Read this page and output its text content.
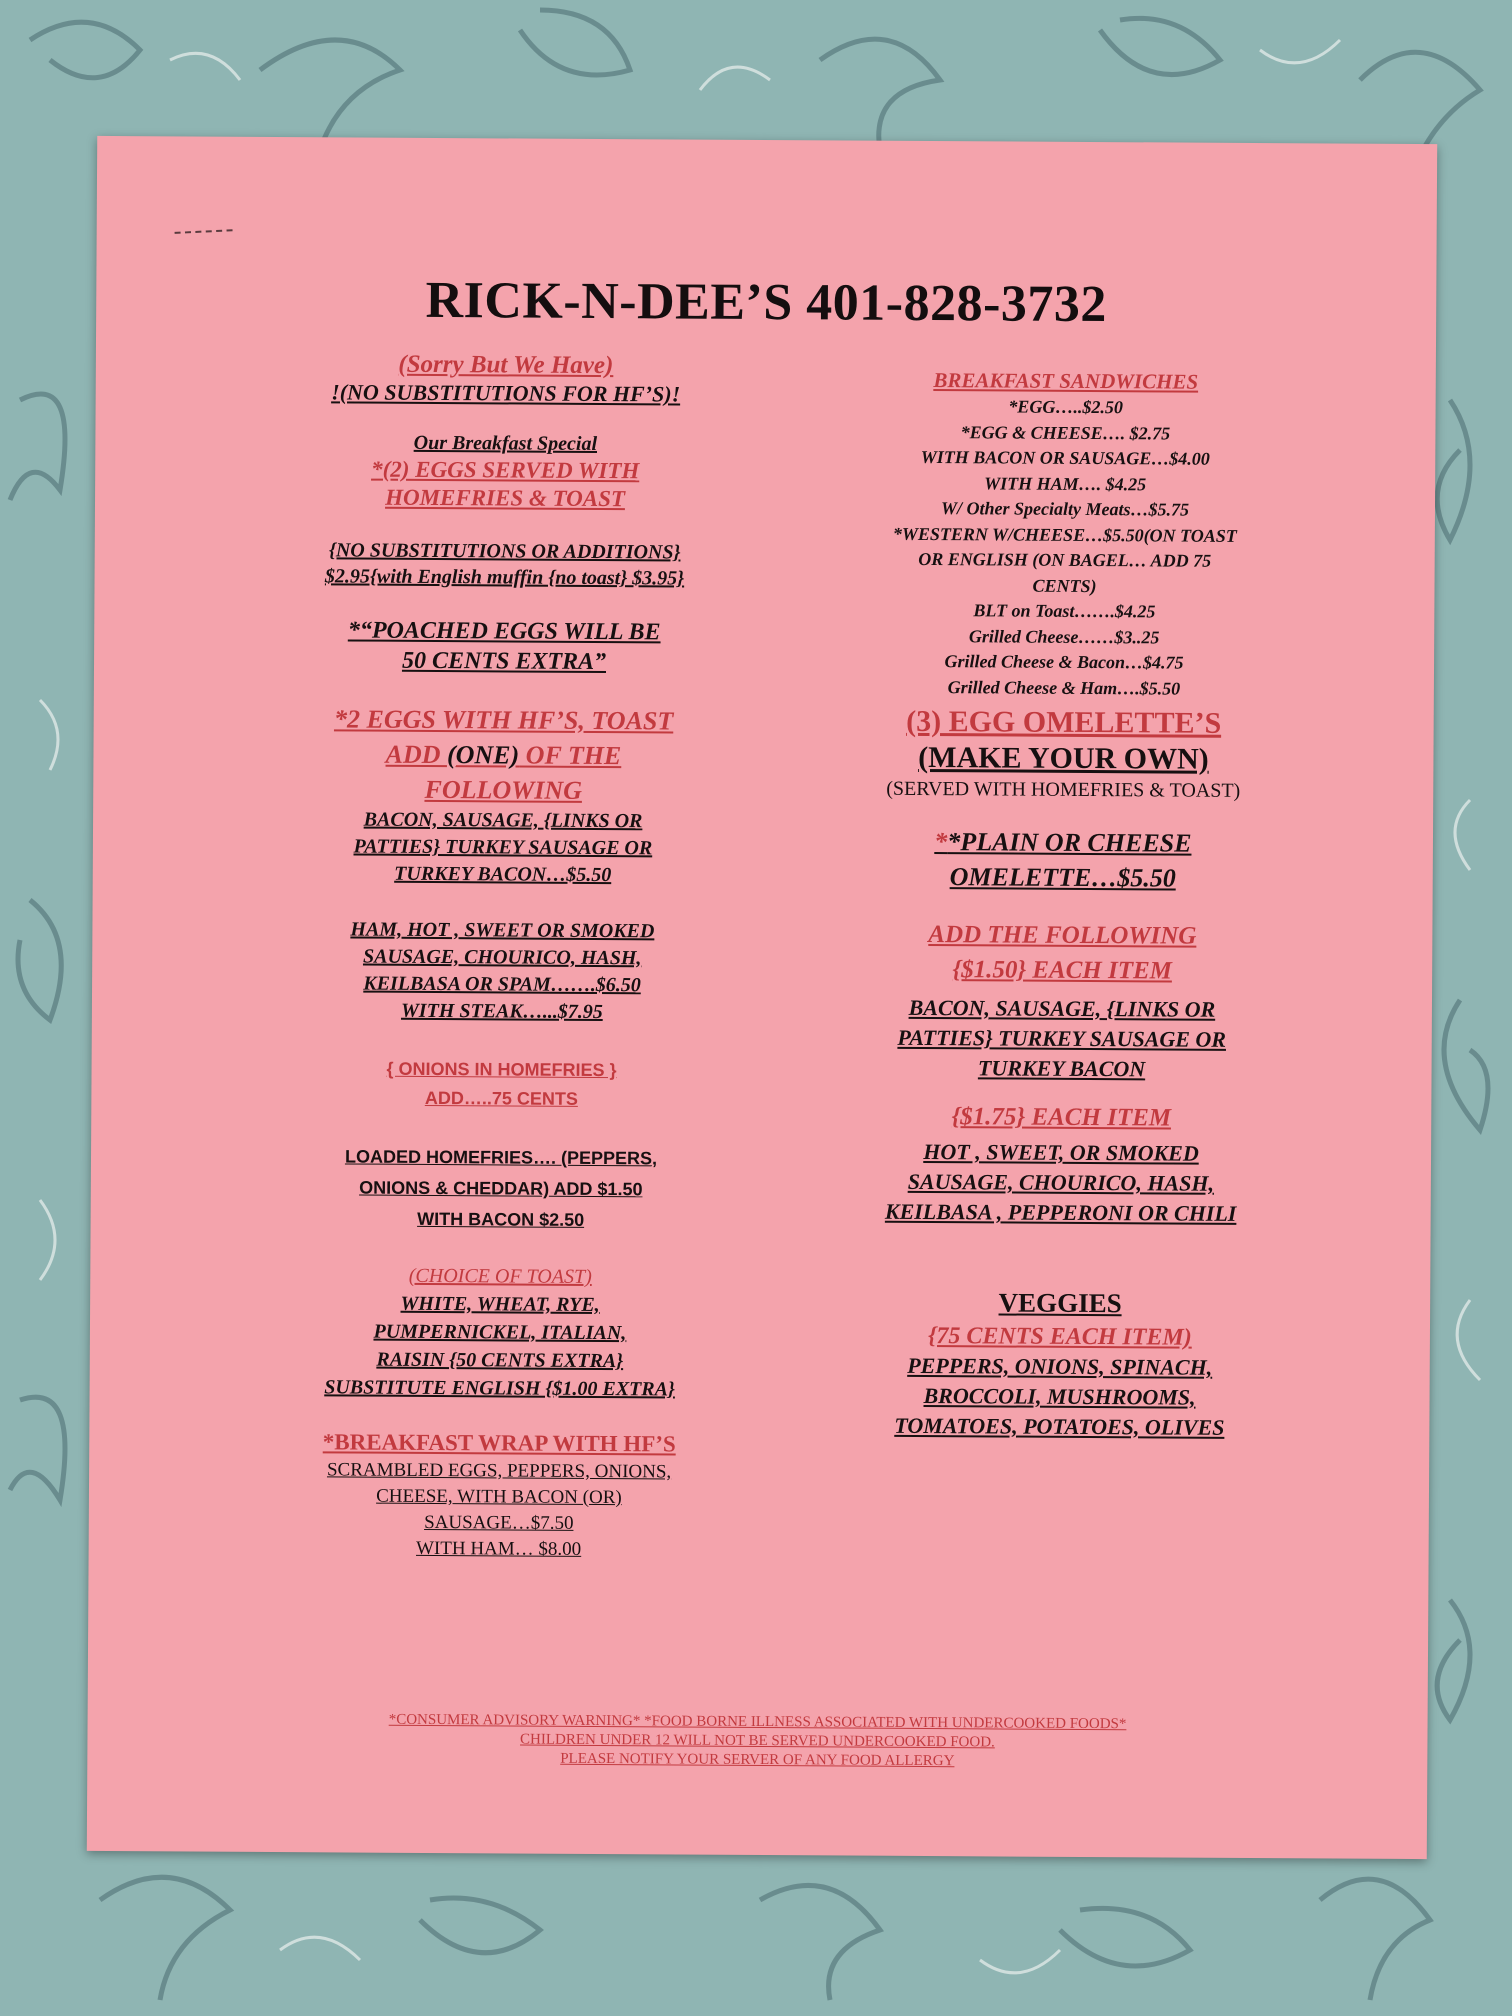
RICK-N-DEE’S 401-828-3732

(Sorry But We Have)

!(NO SUBSTITUTIONS FOR HF’S)!

Our Breakfast Special

*(2) EGGS SERVED WITH
HOMEFRIES & TOAST

{NO SUBSTITUTIONS OR ADDITIONS}
$2.95{with English muffin {no toast} $3.95}

*“POACHED EGGS WILL BE
50 CENTS EXTRA”

*2 EGGS WITH HF’S, TOAST
ADD (ONE) OF THE
FOLLOWING

BACON, SAUSAGE, {LINKS OR
PATTIES} TURKEY SAUSAGE OR
TURKEY BACON…$5.50

HAM, HOT , SWEET OR SMOKED
SAUSAGE, CHOURICO, HASH,
KEILBASA OR SPAM…….$6.50
WITH STEAK…...$7.95

{ ONIONS IN HOMEFRIES }
ADD…..75 CENTS

LOADED HOMEFRIES…. (PEPPERS,
ONIONS & CHEDDAR) ADD $1.50
WITH BACON $2.50

(CHOICE OF TOAST)

WHITE, WHEAT, RYE,
PUMPERNICKEL, ITALIAN,
RAISIN {50 CENTS EXTRA}
SUBSTITUTE ENGLISH {$1.00 EXTRA}

*BREAKFAST WRAP WITH HF’S

SCRAMBLED EGGS, PEPPERS, ONIONS,
CHEESE, WITH BACON (OR)
SAUSAGE…$7.50
WITH HAM… $8.00

BREAKFAST SANDWICHES

*EGG…..$2.50
*EGG & CHEESE…. $2.75
WITH BACON OR SAUSAGE…$4.00
WITH HAM…. $4.25
W/ Other Specialty Meats…$5.75
*WESTERN W/CHEESE…$5.50(ON TOAST
OR ENGLISH (ON BAGEL… ADD 75
CENTS)
BLT on Toast…….$4.25
Grilled Cheese……$3..25
Grilled Cheese & Bacon…$4.75
Grilled Cheese & Ham….$5.50

(3) EGG OMELETTE’S

(MAKE YOUR OWN)

(SERVED WITH HOMEFRIES & TOAST)

**PLAIN OR CHEESE
OMELETTE…$5.50

ADD THE FOLLOWING
{$1.50} EACH ITEM

BACON, SAUSAGE, {LINKS OR
PATTIES} TURKEY SAUSAGE OR
TURKEY BACON

{$1.75} EACH ITEM

HOT , SWEET, OR SMOKED
SAUSAGE, CHOURICO, HASH,
KEILBASA , PEPPERONI OR CHILI

VEGGIES

{75 CENTS EACH ITEM)

PEPPERS, ONIONS, SPINACH,
BROCCOLI, MUSHROOMS,
TOMATOES, POTATOES, OLIVES

*CONSUMER ADVISORY WARNING* *FOOD BORNE ILLNESS ASSOCIATED WITH UNDERCOOKED FOODS*
CHILDREN UNDER 12 WILL NOT BE SERVED UNDERCOOKED FOOD.
PLEASE NOTIFY YOUR SERVER OF ANY FOOD ALLERGY
